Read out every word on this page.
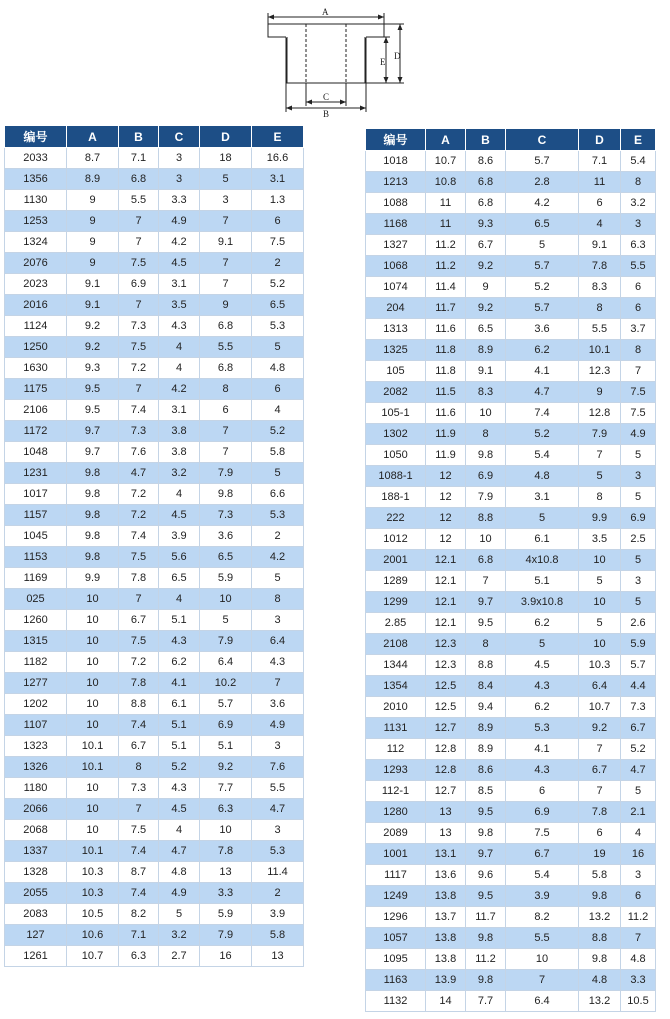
A
C
B
D
E
编号	A	B	C	D	E
2033	8.7	7.1	3	18	16.6
1356	8.9	6.8	3	5	3.1
1130	9	5.5	3.3	3	1.3
1253	9	7	4.9	7	6
1324	9	7	4.2	9.1	7.5
2076	9	7.5	4.5	7	2
2023	9.1	6.9	3.1	7	5.2
2016	9.1	7	3.5	9	6.5
1124	9.2	7.3	4.3	6.8	5.3
1250	9.2	7.5	4	5.5	5
1630	9.3	7.2	4	6.8	4.8
1175	9.5	7	4.2	8	6
2106	9.5	7.4	3.1	6	4
1172	9.7	7.3	3.8	7	5.2
1048	9.7	7.6	3.8	7	5.8
1231	9.8	4.7	3.2	7.9	5
1017	9.8	7.2	4	9.8	6.6
1157	9.8	7.2	4.5	7.3	5.3
1045	9.8	7.4	3.9	3.6	2
1153	9.8	7.5	5.6	6.5	4.2
1169	9.9	7.8	6.5	5.9	5
025	10	7	4	10	8
1260	10	6.7	5.1	5	3
1315	10	7.5	4.3	7.9	6.4
1182	10	7.2	6.2	6.4	4.3
1277	10	7.8	4.1	10.2	7
1202	10	8.8	6.1	5.7	3.6
1107	10	7.4	5.1	6.9	4.9
1323	10.1	6.7	5.1	5.1	3
1326	10.1	8	5.2	9.2	7.6
1180	10	7.3	4.3	7.7	5.5
2066	10	7	4.5	6.3	4.7
2068	10	7.5	4	10	3
1337	10.1	7.4	4.7	7.8	5.3
1328	10.3	8.7	4.8	13	11.4
2055	10.3	7.4	4.9	3.3	2
2083	10.5	8.2	5	5.9	3.9
127	10.6	7.1	3.2	7.9	5.8
1261	10.7	6.3	2.7	16	13
编号	A	B	C	D	E
1018	10.7	8.6	5.7	7.1	5.4
1213	10.8	6.8	2.8	11	8
1088	11	6.8	4.2	6	3.2
1168	11	9.3	6.5	4	3
1327	11.2	6.7	5	9.1	6.3
1068	11.2	9.2	5.7	7.8	5.5
1074	11.4	9	5.2	8.3	6
204	11.7	9.2	5.7	8	6
1313	11.6	6.5	3.6	5.5	3.7
1325	11.8	8.9	6.2	10.1	8
105	11.8	9.1	4.1	12.3	7
2082	11.5	8.3	4.7	9	7.5
105-1	11.6	10	7.4	12.8	7.5
1302	11.9	8	5.2	7.9	4.9
1050	11.9	9.8	5.4	7	5
1088-1	12	6.9	4.8	5	3
188-1	12	7.9	3.1	8	5
222	12	8.8	5	9.9	6.9
1012	12	10	6.1	3.5	2.5
2001	12.1	6.8	4x10.8	10	5
1289	12.1	7	5.1	5	3
1299	12.1	9.7	3.9x10.8	10	5
2.85	12.1	9.5	6.2	5	2.6
2108	12.3	8	5	10	5.9
1344	12.3	8.8	4.5	10.3	5.7
1354	12.5	8.4	4.3	6.4	4.4
2010	12.5	9.4	6.2	10.7	7.3
1131	12.7	8.9	5.3	9.2	6.7
112	12.8	8.9	4.1	7	5.2
1293	12.8	8.6	4.3	6.7	4.7
112-1	12.7	8.5	6	7	5
1280	13	9.5	6.9	7.8	2.1
2089	13	9.8	7.5	6	4
1001	13.1	9.7	6.7	19	16
1117	13.6	9.6	5.4	5.8	3
1249	13.8	9.5	3.9	9.8	6
1296	13.7	11.7	8.2	13.2	11.2
1057	13.8	9.8	5.5	8.8	7
1095	13.8	11.2	10	9.8	4.8
1163	13.9	9.8	7	4.8	3.3
1132	14	7.7	6.4	13.2	10.5
